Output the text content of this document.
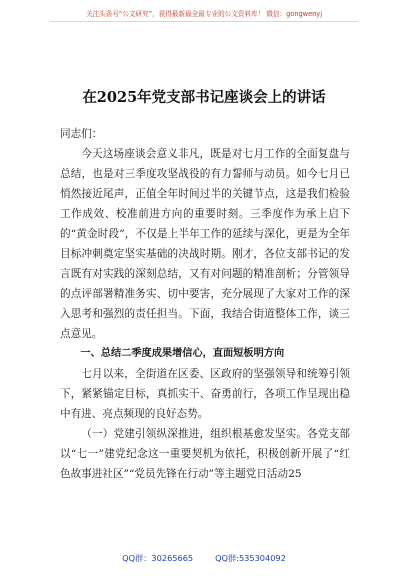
关注头条号“公文研究”，获得最新最全最专业的公文资料库！ 微信：gongwenyj
在2025年党支部书记座谈会上的讲话

同志们：

今天这场座谈会意义非凡，既是对七月工作的全面复盘与总结，也是对三季度攻坚战役的有力誓师与动员。如今七月已悄然接近尾声，正值全年时间过半的关键节点，这是我们检验工作成效、校准前进方向的重要时刻。三季度作为承上启下的“黄金时段”，不仅是上半年工作的延续与深化，更是为全年目标冲刺奠定坚实基础的决战时期。刚才，各位支部书记的发言既有对实践的深刻总结，又有对问题的精准剖析；分管领导的点评部署精准务实、切中要害，充分展现了大家对工作的深入思考和强烈的责任担当。下面，我结合街道整体工作，谈三点意见。

一、总结二季度成果增信心，直面短板明方向

七月以来，全街道在区委、区政府的坚强领导和统筹引领下，紧紧锚定目标，真抓实干、奋勇前行，各项工作呈现出稳中有进、亮点频现的良好态势。

（一）党建引领纵深推进，组织根基愈发坚实。各党支部以“七一”建党纪念这一重要契机为依托，积极创新开展了“红色故事进社区”“党员先锋在行动”等主题党日活动25

QQ群：30265665	QQ群:535304092
